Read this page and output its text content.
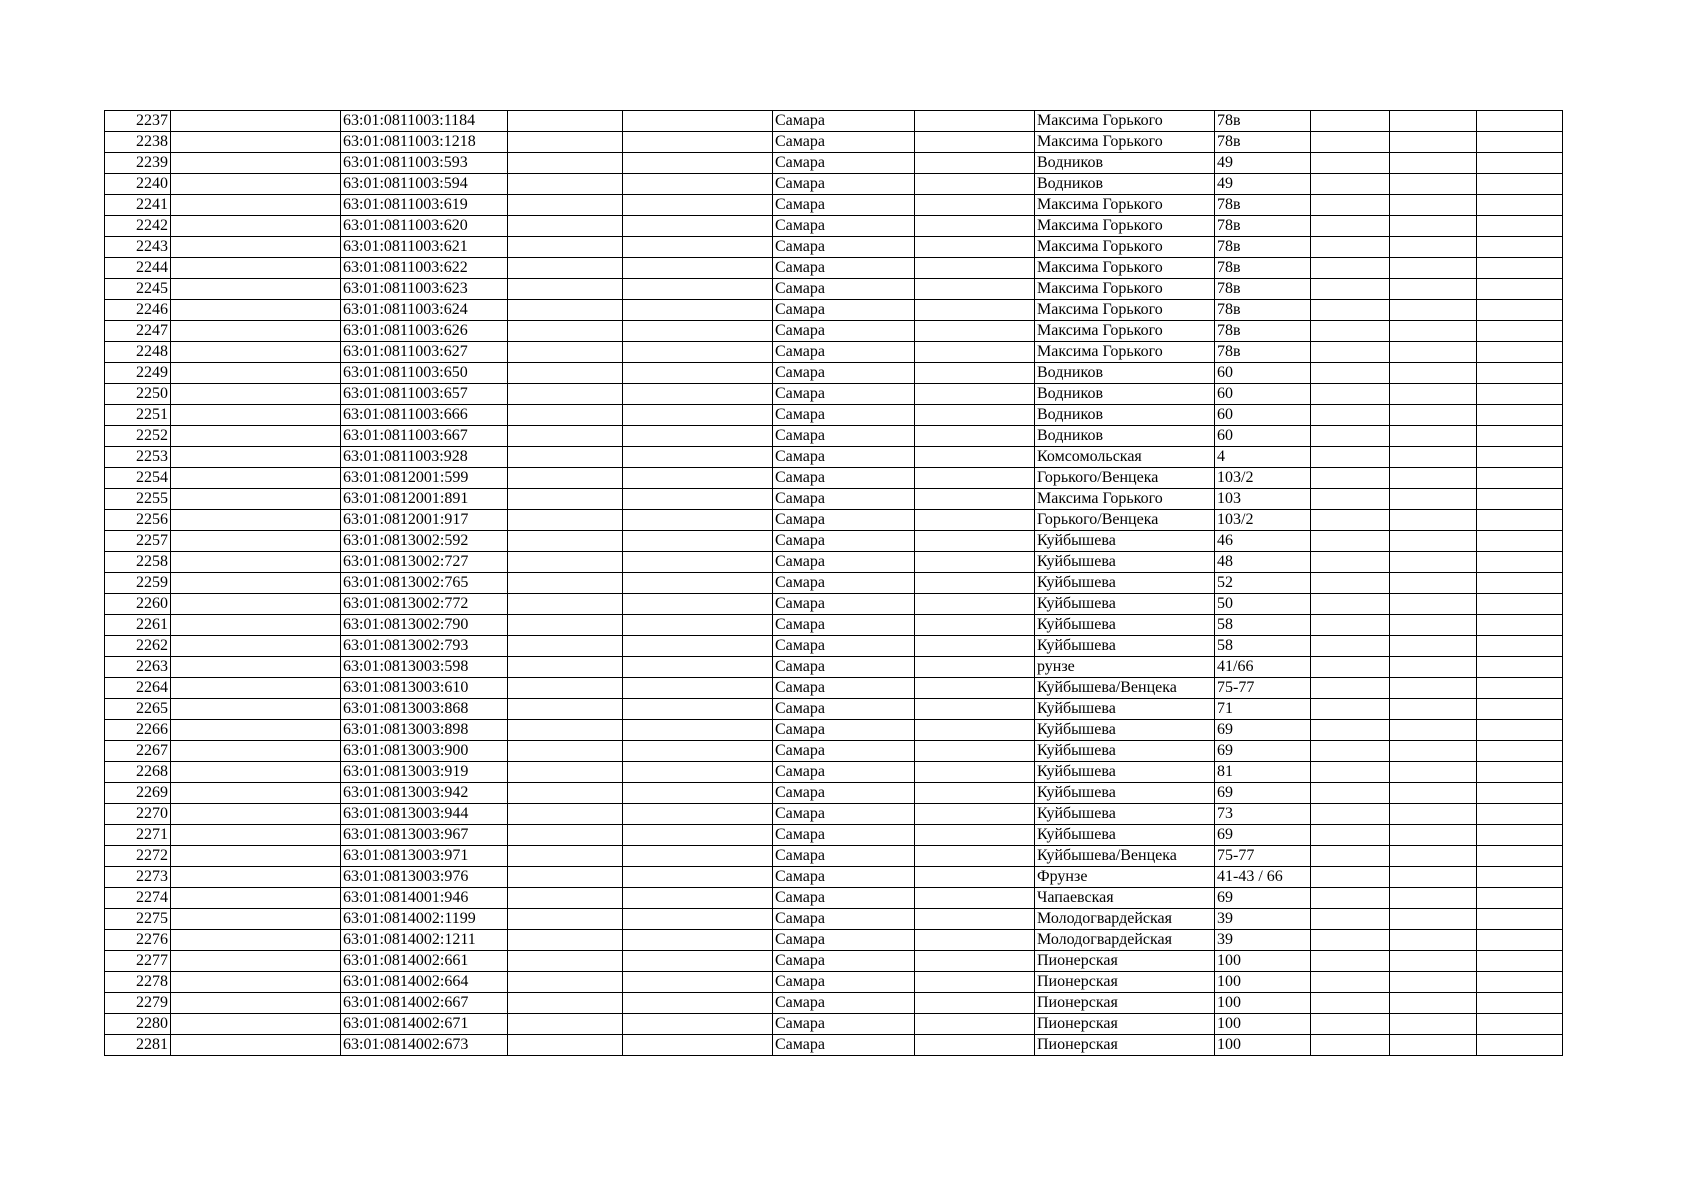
2237		63:01:0811003:1184			Самара		Максима Горького	78в			
2238		63:01:0811003:1218			Самара		Максима Горького	78в			
2239		63:01:0811003:593			Самара		Водников	49			
2240		63:01:0811003:594			Самара		Водников	49			
2241		63:01:0811003:619			Самара		Максима Горького	78в			
2242		63:01:0811003:620			Самара		Максима Горького	78в			
2243		63:01:0811003:621			Самара		Максима Горького	78в			
2244		63:01:0811003:622			Самара		Максима Горького	78в			
2245		63:01:0811003:623			Самара		Максима Горького	78в			
2246		63:01:0811003:624			Самара		Максима Горького	78в			
2247		63:01:0811003:626			Самара		Максима Горького	78в			
2248		63:01:0811003:627			Самара		Максима Горького	78в			
2249		63:01:0811003:650			Самара		Водников	60			
2250		63:01:0811003:657			Самара		Водников	60			
2251		63:01:0811003:666			Самара		Водников	60			
2252		63:01:0811003:667			Самара		Водников	60			
2253		63:01:0811003:928			Самара		Комсомольская	4			
2254		63:01:0812001:599			Самара		Горького/Венцека	103/2			
2255		63:01:0812001:891			Самара		Максима Горького	103			
2256		63:01:0812001:917			Самара		Горького/Венцека	103/2			
2257		63:01:0813002:592			Самара		Куйбышева	46			
2258		63:01:0813002:727			Самара		Куйбышева	48			
2259		63:01:0813002:765			Самара		Куйбышева	52			
2260		63:01:0813002:772			Самара		Куйбышева	50			
2261		63:01:0813002:790			Самара		Куйбышева	58			
2262		63:01:0813002:793			Самара		Куйбышева	58			
2263		63:01:0813003:598			Самара		рунзе	41/66			
2264		63:01:0813003:610			Самара		Куйбышева/Венцека	75-77			
2265		63:01:0813003:868			Самара		Куйбышева	71			
2266		63:01:0813003:898			Самара		Куйбышева	69			
2267		63:01:0813003:900			Самара		Куйбышева	69			
2268		63:01:0813003:919			Самара		Куйбышева	81			
2269		63:01:0813003:942			Самара		Куйбышева	69			
2270		63:01:0813003:944			Самара		Куйбышева	73			
2271		63:01:0813003:967			Самара		Куйбышева	69			
2272		63:01:0813003:971			Самара		Куйбышева/Венцека	75-77			
2273		63:01:0813003:976			Самара		Фрунзе	41-43 / 66			
2274		63:01:0814001:946			Самара		Чапаевская	69			
2275		63:01:0814002:1199			Самара		Молодогвардейская	39			
2276		63:01:0814002:1211			Самара		Молодогвардейская	39			
2277		63:01:0814002:661			Самара		Пионерская	100			
2278		63:01:0814002:664			Самара		Пионерская	100			
2279		63:01:0814002:667			Самара		Пионерская	100			
2280		63:01:0814002:671			Самара		Пионерская	100			
2281		63:01:0814002:673			Самара		Пионерская	100			
